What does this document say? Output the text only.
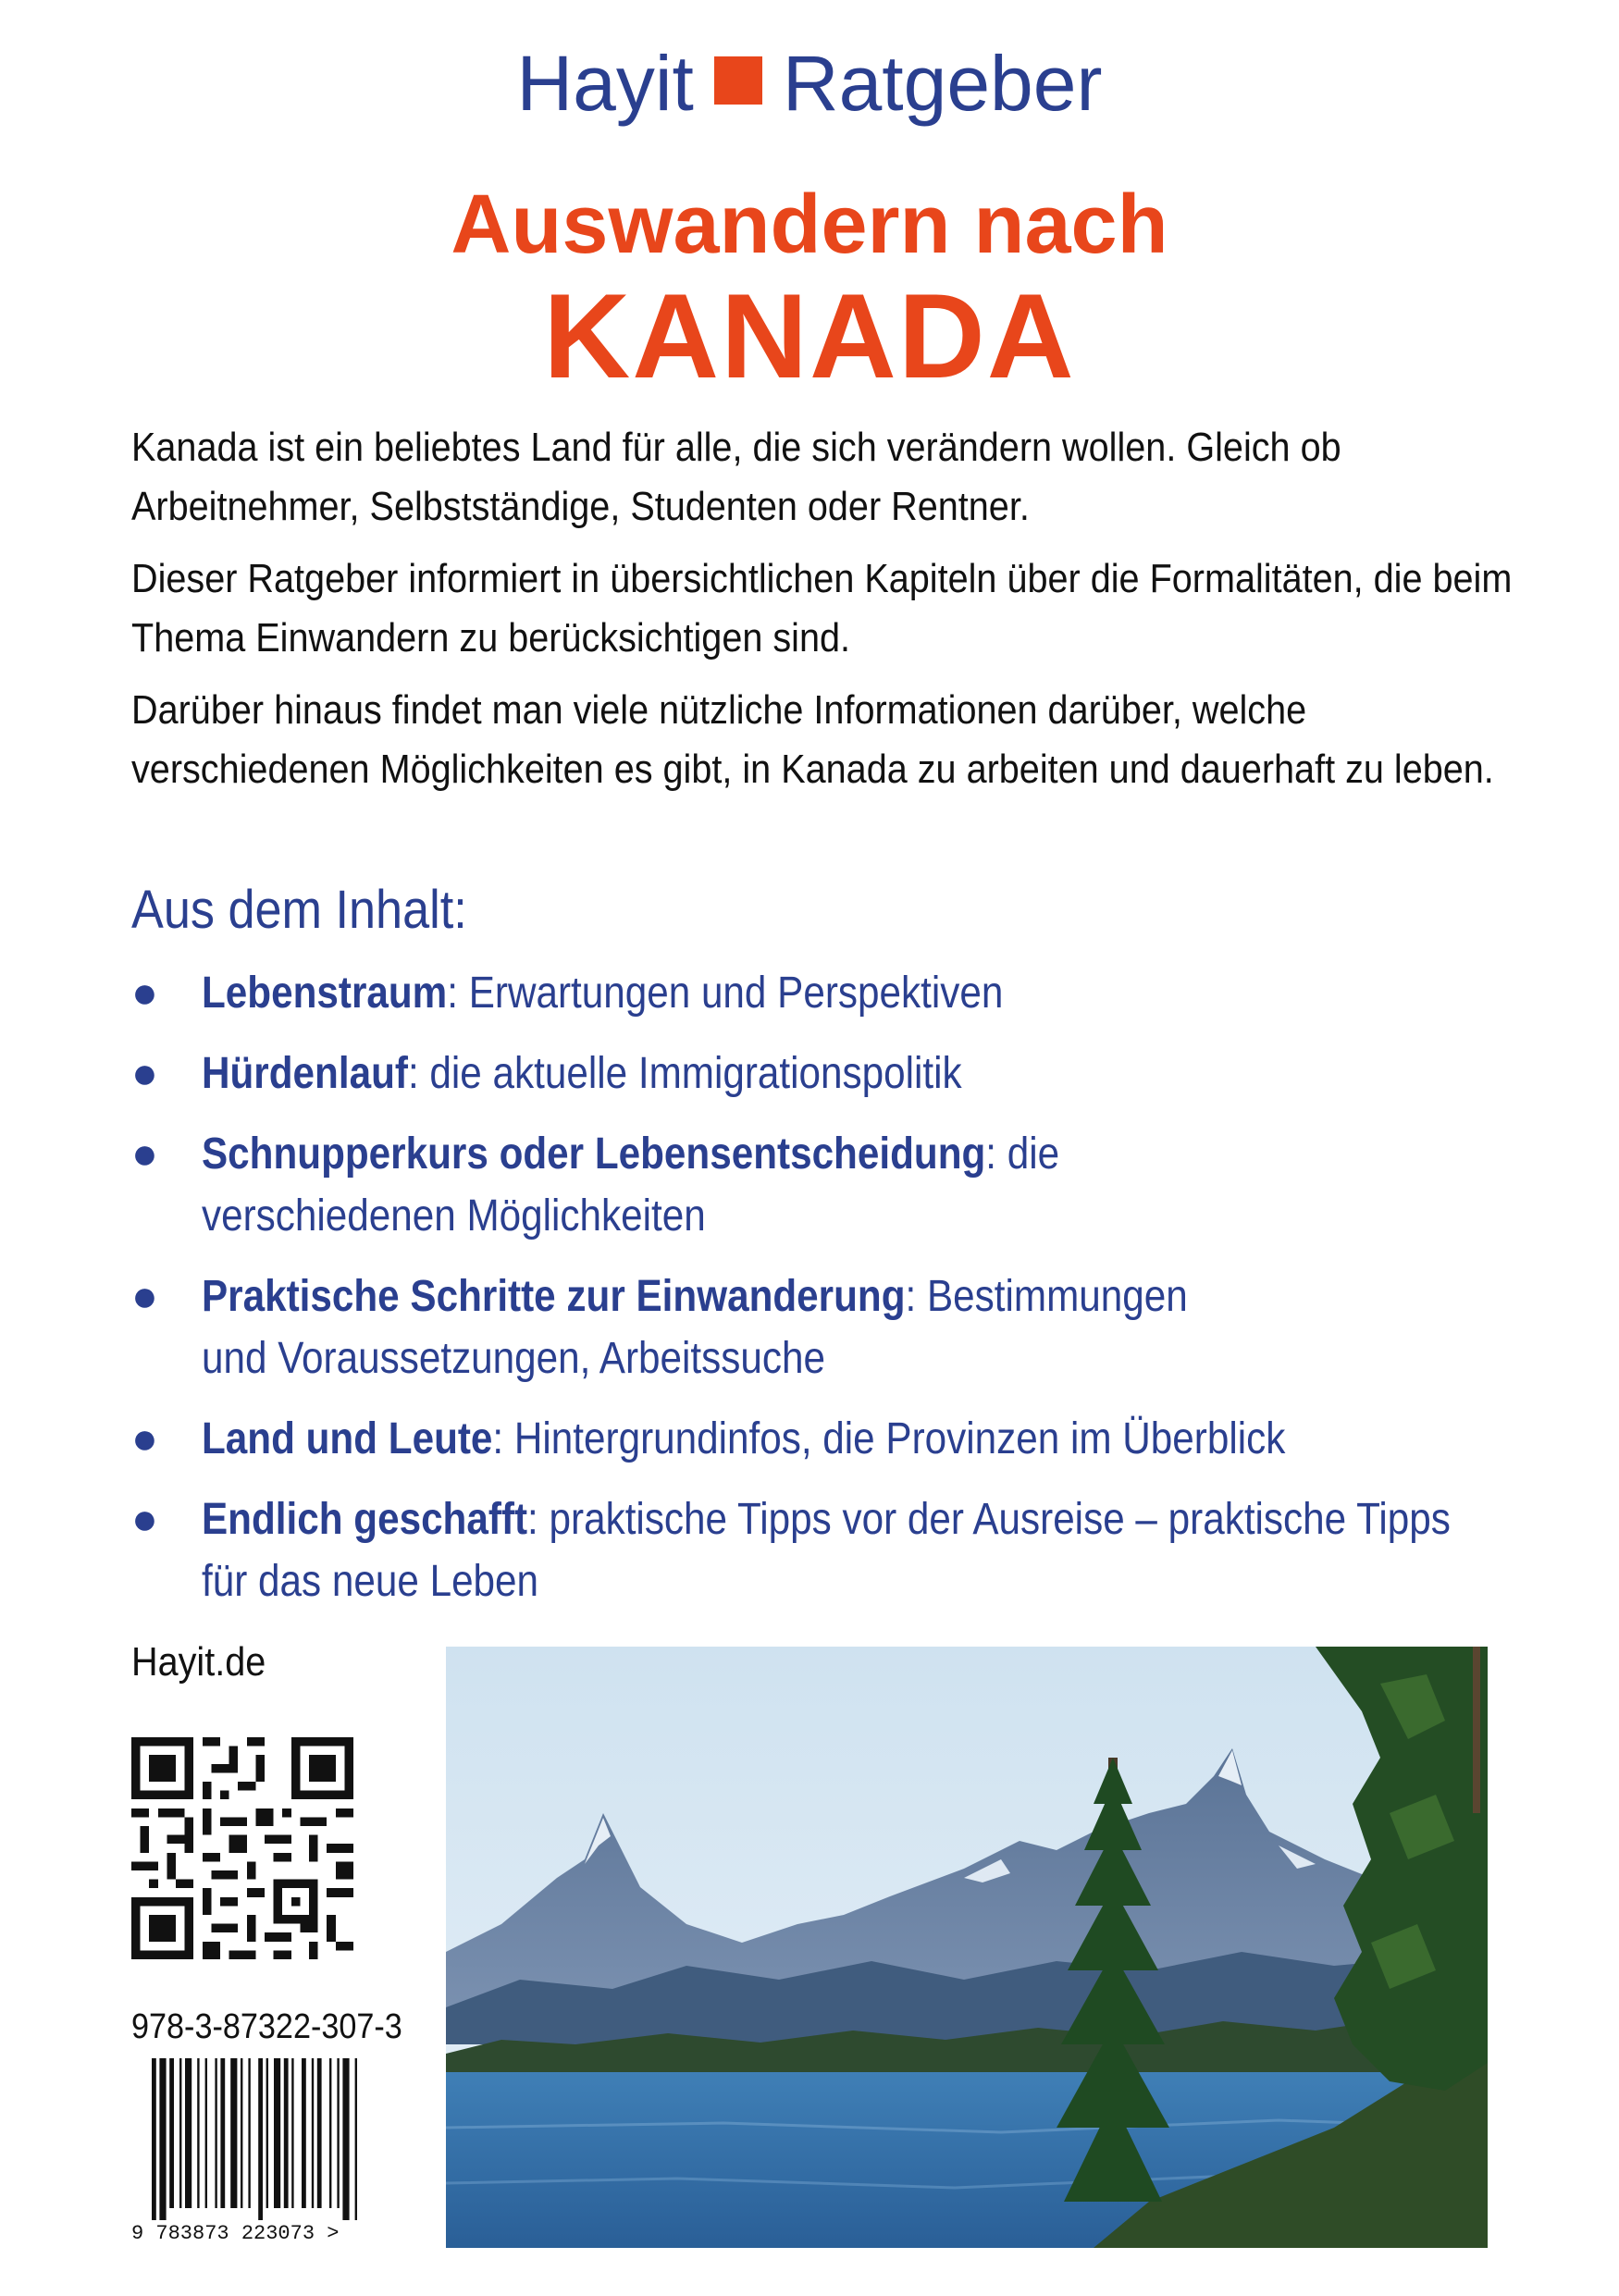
Hayit Ratgeber
Auswandern nach
KANADA

Kanada ist ein beliebtes Land für alle, die sich verändern wollen. Gleich ob Arbeitnehmer, Selbstständige, Studenten oder Rentner.

Dieser Ratgeber informiert in übersichtlichen Kapiteln über die Formalitäten, die beim Thema Einwandern zu berücksichtigen sind.

Darüber hinaus findet man viele nützliche Informationen darüber, welche verschiedenen Möglichkeiten es gibt, in Kanada zu arbeiten und dauerhaft zu leben.

Aus dem Inhalt:
● Lebenstraum: Erwartungen und Perspektiven
● Hürdenlauf: die aktuelle Immigrationspolitik
● Schnupperkurs oder Lebensentscheidung: die verschiedenen Möglichkeiten
● Praktische Schritte zur Einwanderung: Bestimmungen und Voraussetzungen, Arbeitssuche
● Land und Leute: Hintergrundinfos, die Provinzen im Überblick
● Endlich geschafft: praktische Tipps vor der Ausreise – praktische Tipps für das neue Leben
Hayit.de
978-3-87322-307-3
9 783873 223073 >
